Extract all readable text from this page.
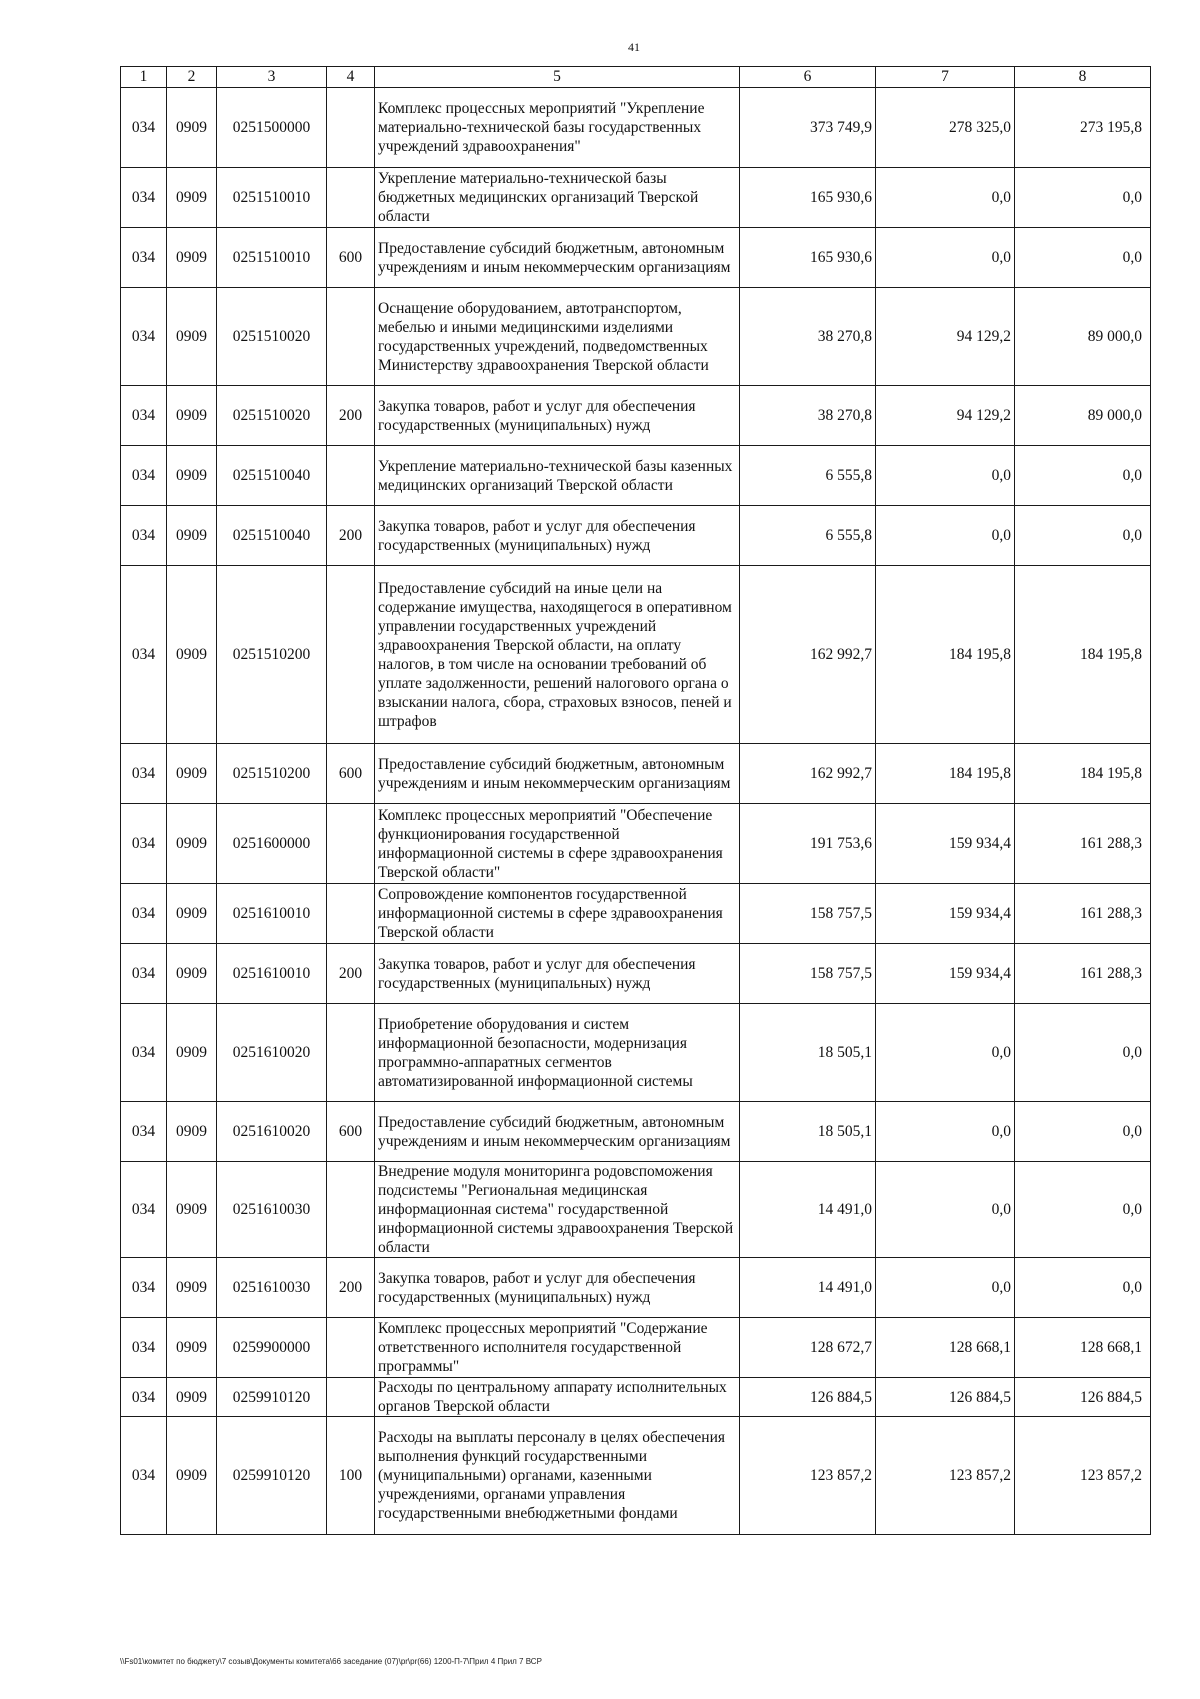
41
1	2	3	4	5	6	7	8
034	0909	0251500000		Комплекс процессных мероприятий "Укрепление материально-технической базы государственных учреждений здравоохранения"	373 749,9	278 325,0	273 195,8
034	0909	0251510010		Укрепление материально-технической базы бюджетных медицинских организаций Тверской области	165 930,6	0,0	0,0
034	0909	0251510010	600	Предоставление субсидий бюджетным, автономным учреждениям и иным некоммерческим организациям	165 930,6	0,0	0,0
034	0909	0251510020		Оснащение оборудованием, автотранспортом, мебелью и иными медицинскими изделиями государственных учреждений, подведомственных Министерству здравоохранения Тверской области	38 270,8	94 129,2	89 000,0
034	0909	0251510020	200	Закупка товаров, работ и услуг для обеспечения государственных (муниципальных) нужд	38 270,8	94 129,2	89 000,0
034	0909	0251510040		Укрепление материально-технической базы казенных медицинских организаций Тверской области	6 555,8	0,0	0,0
034	0909	0251510040	200	Закупка товаров, работ и услуг для обеспечения государственных (муниципальных) нужд	6 555,8	0,0	0,0
034	0909	0251510200		Предоставление субсидий на иные цели на содержание имущества, находящегося в оперативном управлении государственных учреждений здравоохранения Тверской области, на оплату налогов, в том числе на основании требований об уплате задолженности, решений налогового органа о взыскании налога, сбора, страховых взносов, пеней и штрафов	162 992,7	184 195,8	184 195,8
034	0909	0251510200	600	Предоставление субсидий бюджетным, автономным учреждениям и иным некоммерческим организациям	162 992,7	184 195,8	184 195,8
034	0909	0251600000		Комплекс процессных мероприятий "Обеспечение функционирования государственной информационной системы в сфере здравоохранения Тверской области"	191 753,6	159 934,4	161 288,3
034	0909	0251610010		Сопровождение компонентов государственной информационной системы в сфере здравоохранения Тверской области	158 757,5	159 934,4	161 288,3
034	0909	0251610010	200	Закупка товаров, работ и услуг для обеспечения государственных (муниципальных) нужд	158 757,5	159 934,4	161 288,3
034	0909	0251610020		Приобретение оборудования и систем информационной безопасности, модернизация программно-аппаратных сегментов автоматизированной информационной системы	18 505,1	0,0	0,0
034	0909	0251610020	600	Предоставление субсидий бюджетным, автономным учреждениям и иным некоммерческим организациям	18 505,1	0,0	0,0
034	0909	0251610030		Внедрение модуля мониторинга родовспоможения подсистемы "Региональная медицинская информационная система" государственной информационной системы здравоохранения Тверской области	14 491,0	0,0	0,0
034	0909	0251610030	200	Закупка товаров, работ и услуг для обеспечения государственных (муниципальных) нужд	14 491,0	0,0	0,0
034	0909	0259900000		Комплекс процессных мероприятий "Содержание ответственного исполнителя государственной программы"	128 672,7	128 668,1	128 668,1
034	0909	0259910120		Расходы по центральному аппарату исполнительных органов Тверской области	126 884,5	126 884,5	126 884,5
034	0909	0259910120	100	Расходы на выплаты персоналу в целях обеспечения выполнения функций государственными (муниципальными) органами, казенными учреждениями, органами управления государственными внебюджетными фондами	123 857,2	123 857,2	123 857,2
\\Fs01\комитет по бюджету\7 созыв\Документы комитета\66 заседание (07)\pr\pr(66) 1200-П-7\Прил 4 Прил 7 ВСР
